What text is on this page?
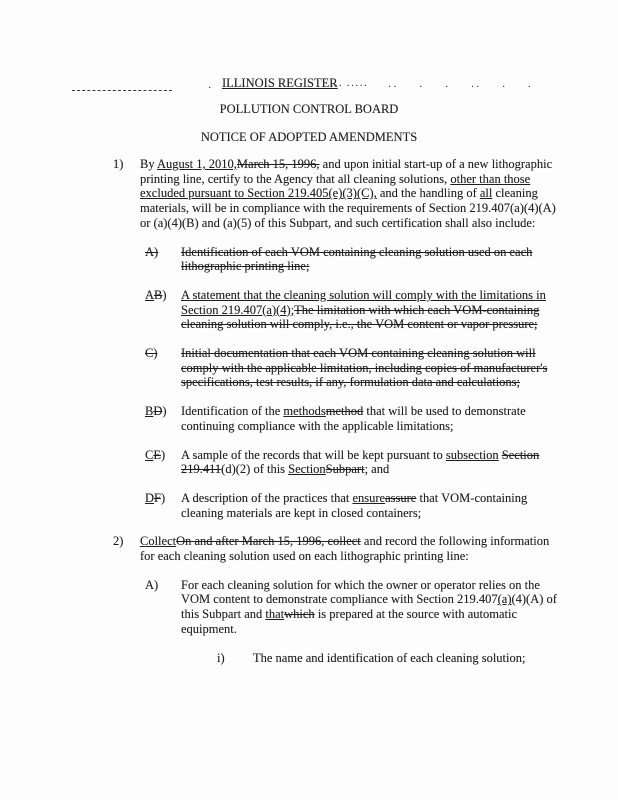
· ILLINOIS REGISTER
··· ····· ·· · · ·· · ·
POLLUTION CONTROL BOARD
NOTICE OF ADOPTED AMENDMENTS
1)	By August 1, 2010,March 15, 1996, and upon initial start-up of a new lithographic printing line, certify to the Agency that all cleaning solutions, other than those excluded pursuant to Section 219.405(e)(3)(C), and the handling of all cleaning materials, will be in compliance with the requirements of Section 219.407(a)(4)(A) or (a)(4)(B) and (a)(5) of this Subpart, and such certification shall also include:
A)	Identification of each VOM containing cleaning solution used on each lithographic printing line;
AB)	A statement that the cleaning solution will comply with the limitations in Section 219.407(a)(4);The limitation with which each VOM-containing cleaning solution will comply, i.e., the VOM content or vapor pressure;
C)	Initial documentation that each VOM containing cleaning solution will comply with the applicable limitation, including copies of manufacturer's specifications, test results, if any, formulation data and calculations;
BD)	Identification of the methodsmethod that will be used to demonstrate continuing compliance with the applicable limitations;
CE)	A sample of the records that will be kept pursuant to subsection Section 219.411(d)(2) of this SectionSubpart; and
DF)	A description of the practices that ensureassure that VOM-containing cleaning materials are kept in closed containers;
2)	CollectOn and after March 15, 1996, collect and record the following information for each cleaning solution used on each lithographic printing line:
A)	For each cleaning solution for which the owner or operator relies on the VOM content to demonstrate compliance with Section 219.407(a)(4)(A) of this Subpart and thatwhich is prepared at the source with automatic equipment.
i)	The name and identification of each cleaning solution;
